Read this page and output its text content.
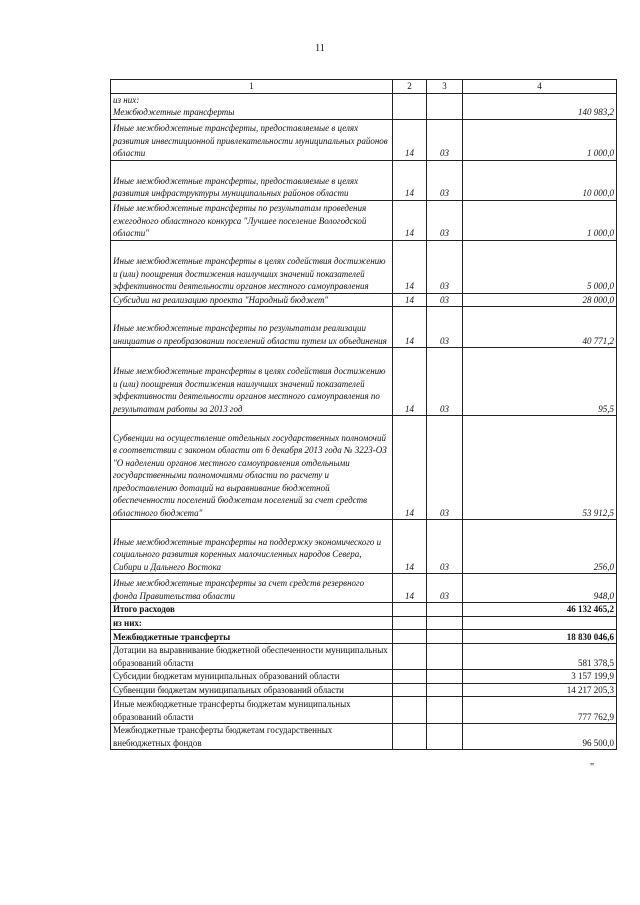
11
1	2	3	4
из них:
Межбюджетные трансферты			140 983,2
Иные межбюджетные трансферты, предоставляемые в целях развития инвестиционной привлекательности муниципальных районов области	14	03	1 000,0
Иные межбюджетные трансферты, предоставляемые в целях развития инфраструктуры муниципальных районов области	14	03	10 000,0
Иные межбюджетные трансферты по результатам проведения ежегодного областного конкурса "Лучшее поселение Вологодской области"	14	03	1 000,0
Иные межбюджетные трансферты в целях содействия достижению и (или) поощрения достижения наилучших значений показателей эффективности деятельности органов местного самоуправления	14	03	5 000,0
Субсидии на реализацию проекта "Народный бюджет"	14	03	28 000,0
Иные межбюджетные трансферты по результатам реализации инициатив о преобразовании поселений области путем их объединения	14	03	40 771,2
Иные межбюджетные трансферты в целях содействия достижению и (или) поощрения достижения наилучших значений показателей эффективности деятельности органов местного самоуправления по результатам работы за 2013 год	14	03	95,5
Субвенции на осуществление отдельных государственных полномочий в соответствии с законом области от 6 декабря 2013 года № 3223-ОЗ "О наделении органов местного самоуправления отдельными государственными полномочиями области по расчету и предоставлению дотаций на выравнивание бюджетной обеспеченности поселений бюджетам поселений за счет средств областного бюджета"	14	03	53 912,5
Иные межбюджетные трансферты на поддержку экономического и социального развития коренных малочисленных народов Севера, Сибири и Дальнего Востока	14	03	256,0
Иные межбюджетные трансферты за счет средств резервного фонда Правительства области	14	03	948,0
Итого расходов			46 132 465,2
из них:			
Межбюджетные трансферты			18 830 046,6
Дотации на выравнивание бюджетной обеспеченности муниципальных образований области			581 378,5
Субсидии бюджетам муниципальных образований области			3 157 199,9
Субвенции бюджетам муниципальных образований области			14 217 205,3
Иные межбюджетные трансферты бюджетам муниципальных образований области			777 762,9
Межбюджетные трансферты бюджетам государственных внебюджетных фондов			96 500,0
"
